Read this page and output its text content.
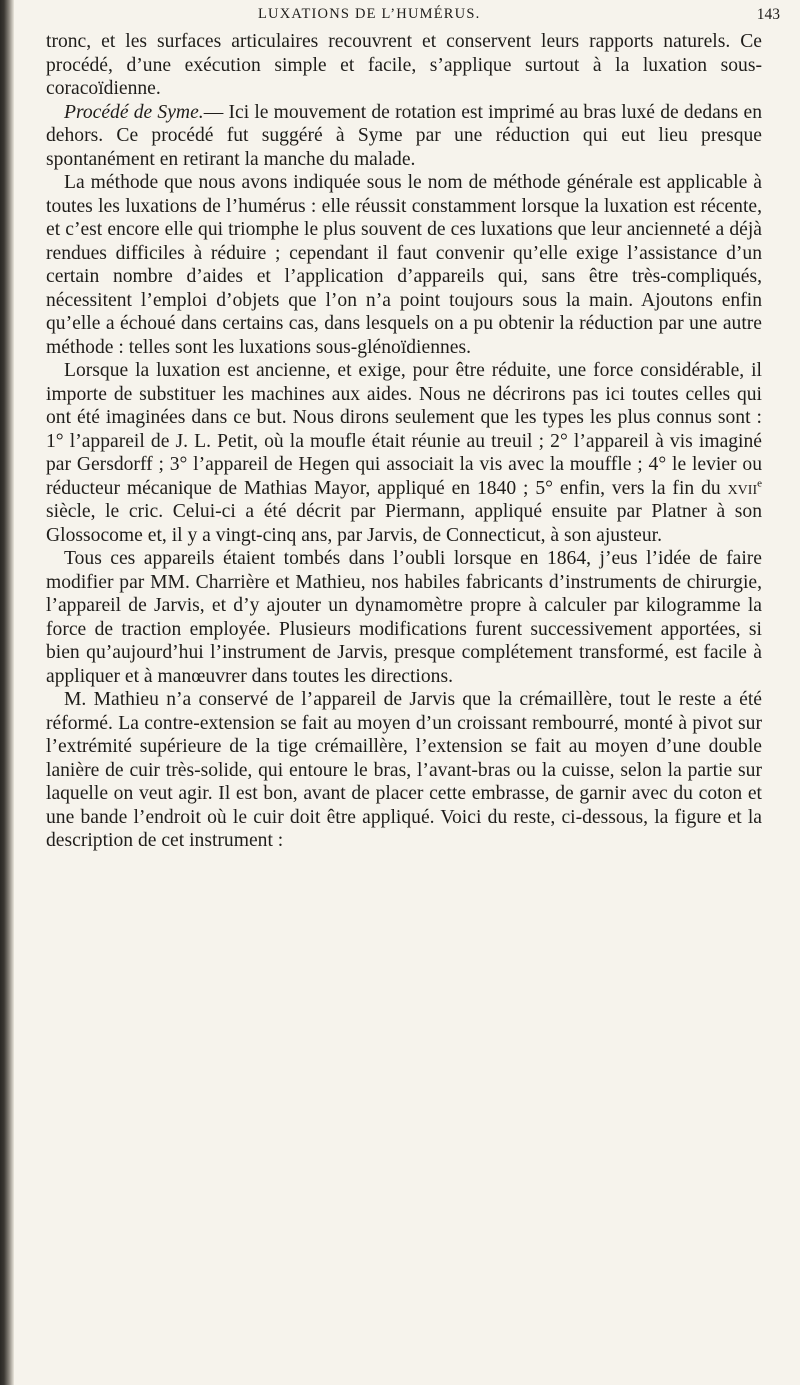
LUXATIONS DE L’HUMÉRUS.	143

tronc, et les surfaces articulaires recouvrent et conservent leurs rapports naturels. Ce procédé, d’une exécution simple et facile, s’applique surtout à la luxation sous-coracoïdienne.

Procédé de Syme.— Ici le mouvement de rotation est imprimé au bras luxé de dedans en dehors. Ce procédé fut suggéré à Syme par une réduction qui eut lieu presque spontanément en retirant la manche du malade.

La méthode que nous avons indiquée sous le nom de méthode générale est applicable à toutes les luxations de l’humérus : elle réussit constamment lorsque la luxation est récente, et c’est encore elle qui triomphe le plus souvent de ces luxations que leur ancienneté a déjà rendues difficiles à réduire ; cependant il faut convenir qu’elle exige l’assistance d’un certain nombre d’aides et l’application d’appareils qui, sans être très-compliqués, nécessitent l’emploi d’objets que l’on n’a point toujours sous la main. Ajoutons enfin qu’elle a échoué dans certains cas, dans lesquels on a pu obtenir la réduction par une autre méthode : telles sont les luxations sous-glénoïdiennes.

Lorsque la luxation est ancienne, et exige, pour être réduite, une force considérable, il importe de substituer les machines aux aides. Nous ne décrirons pas ici toutes celles qui ont été imaginées dans ce but. Nous dirons seulement que les types les plus connus sont : 1° l’appareil de J. L. Petit, où la moufle était réunie au treuil ; 2° l’appareil à vis imaginé par Gersdorff ; 3° l’appareil de Hegen qui associait la vis avec la mouffle ; 4° le levier ou réducteur mécanique de Mathias Mayor, appliqué en 1840 ; 5° enfin, vers la fin du xvii$^e$ siècle, le cric. Celui-ci a été décrit par Piermann, appliqué ensuite par Platner à son Glossocome et, il y a vingt-cinq ans, par Jarvis, de Connecticut, à son ajusteur.

Tous ces appareils étaient tombés dans l’oubli lorsque en 1864, j’eus l’idée de faire modifier par MM. Charrière et Mathieu, nos habiles fabricants d’instruments de chirurgie, l’appareil de Jarvis, et d’y ajouter un dynamomètre propre à calculer par kilogramme la force de traction employée. Plusieurs modifications furent successivement apportées, si bien qu’aujourd’hui l’instrument de Jarvis, presque complétement transformé, est facile à appliquer et à manœuvrer dans toutes les directions.

M. Mathieu n’a conservé de l’appareil de Jarvis que la crémaillère, tout le reste a été réformé. La contre-extension se fait au moyen d’un croissant rembourré, monté à pivot sur l’extrémité supérieure de la tige crémaillère, l’extension se fait au moyen d’une double lanière de cuir très-solide, qui entoure le bras, l’avant-bras ou la cuisse, selon la partie sur laquelle on veut agir. Il est bon, avant de placer cette embrasse, de garnir avec du coton et une bande l’endroit où le cuir doit être appliqué. Voici du reste, ci-dessous, la figure et la description de cet instrument :
